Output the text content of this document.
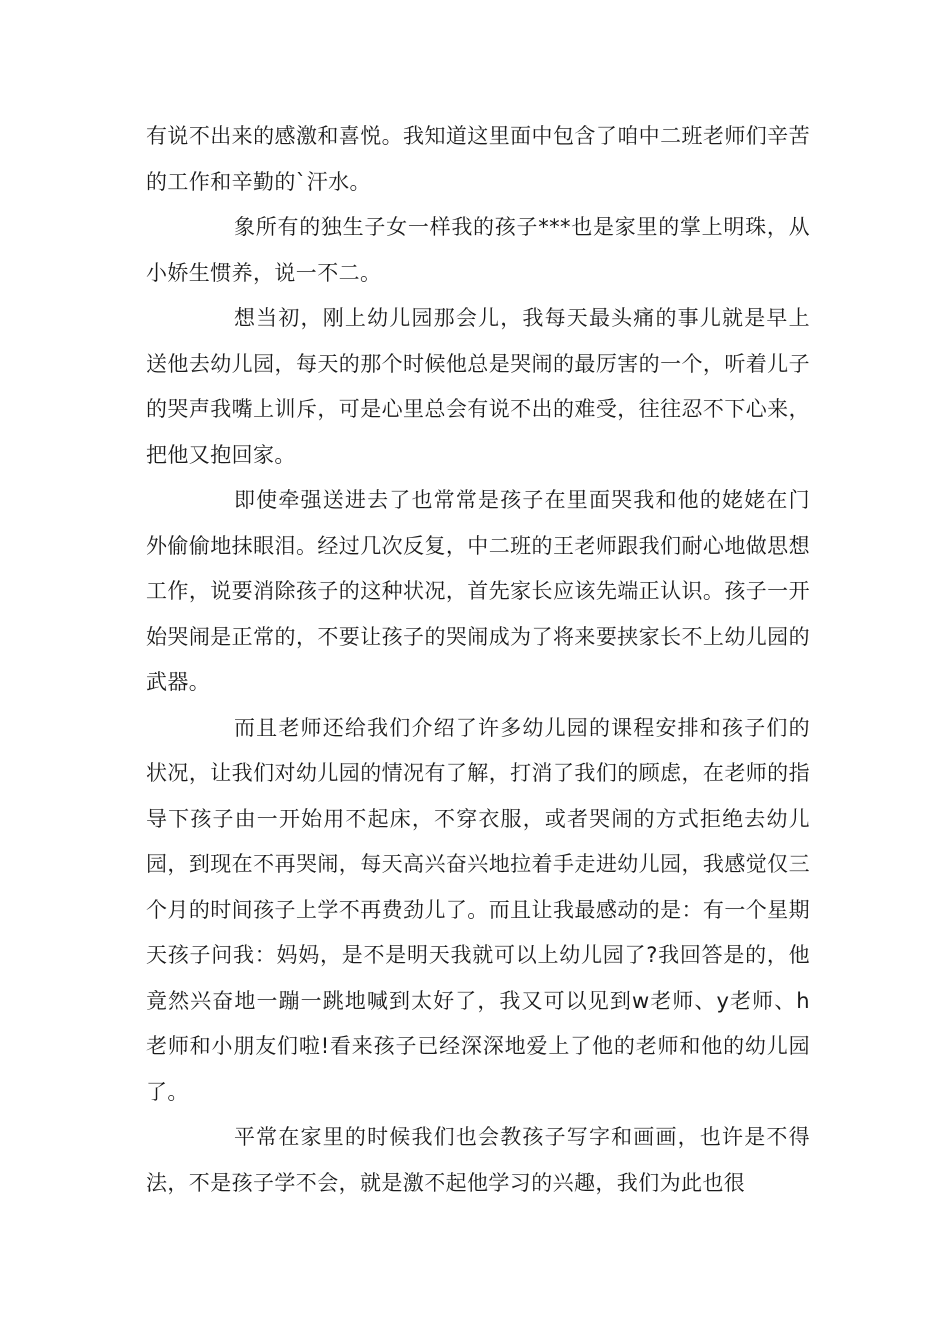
有说不出来的感激和喜悦。我知道这里面中包含了咱中二班老师们辛苦的工作和辛勤的`汗水。

象所有的独生子女一样我的孩子***也是家里的掌上明珠，从小娇生惯养，说一不二。

想当初，刚上幼儿园那会儿，我每天最头痛的事儿就是早上送他去幼儿园，每天的那个时候他总是哭闹的最厉害的一个，听着儿子的哭声我嘴上训斥，可是心里总会有说不出的难受，往往忍不下心来，把他又抱回家。

即使牵强送进去了也常常是孩子在里面哭我和他的姥姥在门外偷偷地抹眼泪。经过几次反复，中二班的王老师跟我们耐心地做思想工作，说要消除孩子的这种状况，首先家长应该先端正认识。孩子一开始哭闹是正常的，不要让孩子的哭闹成为了将来要挟家长不上幼儿园的武器。

而且老师还给我们介绍了许多幼儿园的课程安排和孩子们的状况，让我们对幼儿园的情况有了解，打消了我们的顾虑，在老师的指导下孩子由一开始用不起床，不穿衣服，或者哭闹的方式拒绝去幼儿园，到现在不再哭闹，每天高兴奋兴地拉着手走进幼儿园，我感觉仅三个月的时间孩子上学不再费劲儿了。而且让我最感动的是：有一个星期天孩子问我：妈妈，是不是明天我就可以上幼儿园了?我回答是的，他竟然兴奋地一蹦一跳地喊到太好了，我又可以见到w老师、y老师、h老师和小朋友们啦!看来孩子已经深深地爱上了他的老师和他的幼儿园了。

平常在家里的时候我们也会教孩子写字和画画，也许是不得法，不是孩子学不会，就是激不起他学习的兴趣，我们为此也很
